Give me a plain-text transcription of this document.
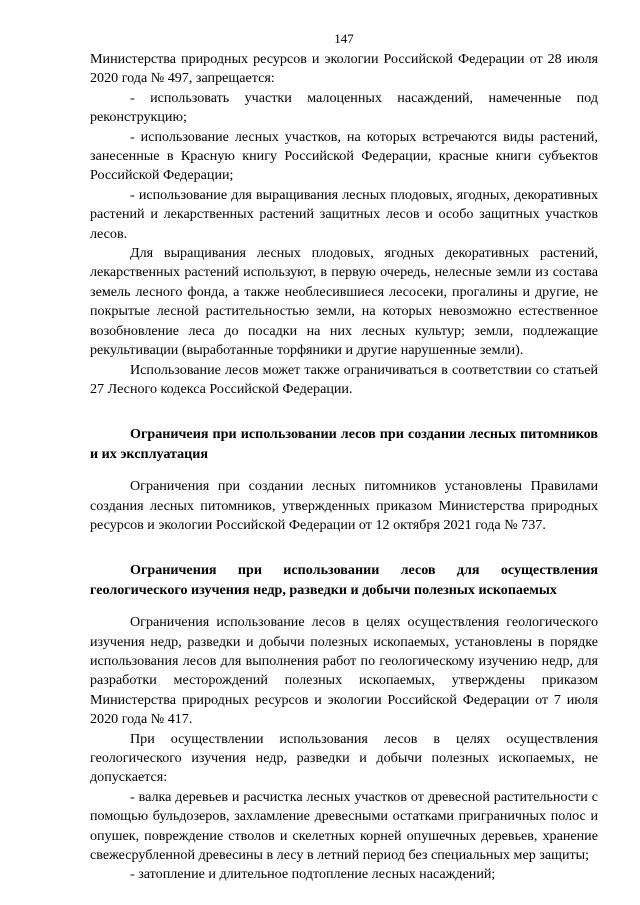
147

Министерства природных ресурсов и экологии Российской Федерации от 28 июля 2020 года № 497, запрещается:

- использовать участки малоценных насаждений, намеченные под реконструкцию;

- использование лесных участков, на которых встречаются виды растений, занесенные в Красную книгу Российской Федерации, красные книги субъектов Российской Федерации;

- использование для выращивания лесных плодовых, ягодных, декоративных растений и лекарственных растений защитных лесов и особо защитных участков лесов.

Для выращивания лесных плодовых, ягодных декоративных растений, лекарственных растений используют, в первую очередь, нелесные земли из состава земель лесного фонда, а также необлесившиеся лесосеки, прогалины и другие, не покрытые лесной растительностью земли, на которых невозможно естественное возобновление леса до посадки на них лесных культур; земли, подлежащие рекультивации (выработанные торфяники и другие нарушенные земли).

Использование лесов может также ограничиваться в соответствии со статьей 27 Лесного кодекса Российской Федерации.

Ограничеия при использовании лесов при создании лесных питомников и их эксплуатация

Ограничения при создании лесных питомников установлены Правилами создания лесных питомников, утвержденных приказом Министерства природных ресурсов и экологии Российской Федерации от 12 октября 2021 года № 737.

Ограничения при использовании лесов для осуществления геологического изучения недр, разведки и добычи полезных ископаемых

Ограничения использование лесов в целях осуществления геологического изучения недр, разведки и добычи полезных ископаемых, установлены в порядке использования лесов для выполнения работ по геологическому изучению недр, для разработки месторождений полезных ископаемых, утверждены приказом Министерства природных ресурсов и экологии Российской Федерации от 7 июля 2020 года № 417.

При осуществлении использования лесов в целях осуществления геологического изучения недр, разведки и добычи полезных ископаемых, не допускается:

- валка деревьев и расчистка лесных участков от древесной растительности с помощью бульдозеров, захламление древесными остатками приграничных полос и опушек, повреждение стволов и скелетных корней опушечных деревьев, хранение свежесрубленной древесины в лесу в летний период без специальных мер защиты;

- затопление и длительное подтопление лесных насаждений;
